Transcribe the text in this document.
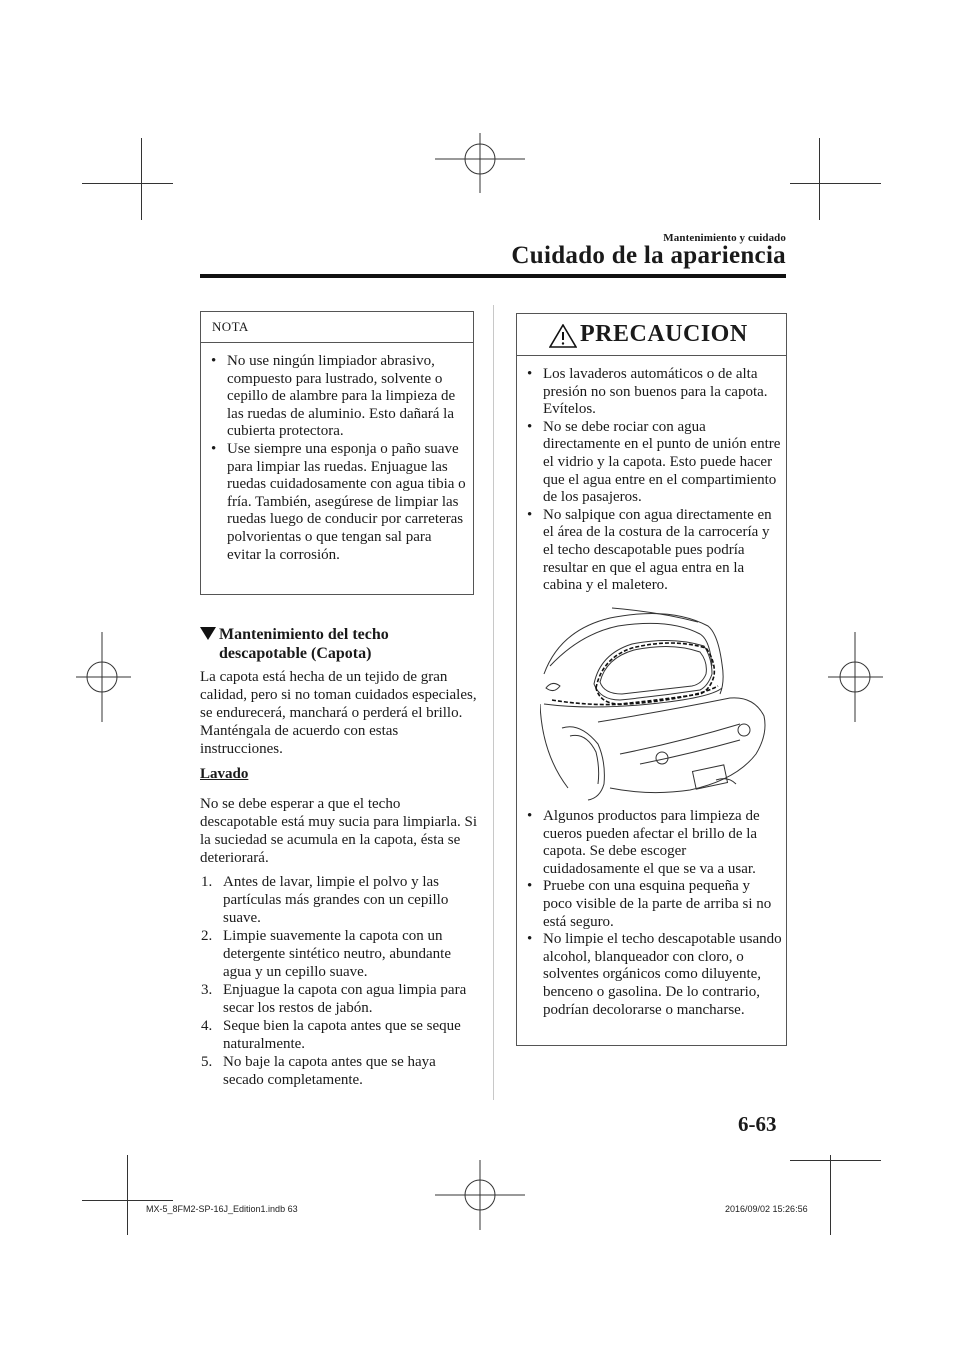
Mantenimiento y cuidado
Cuidado de la apariencia
NOTA
• No use ningún limpiador abrasivo, compuesto para lustrado, solvente o cepillo de alambre para la limpieza de las ruedas de aluminio. Esto dañará la cubierta protectora.
• Use siempre una esponja o paño suave para limpiar las ruedas. Enjuague las ruedas cuidadosamente con agua tibia o fría. También, asegúrese de limpiar las ruedas luego de conducir por carreteras polvorientas o que tengan sal para evitar la corrosión.
Mantenimiento del techo descapotable (Capota)
La capota está hecha de un tejido de gran calidad, pero si no toman cuidados especiales, se endurecerá, manchará o perderá el brillo. Manténgala de acuerdo con estas instrucciones.
Lavado
No se debe esperar a que el techo descapotable está muy sucia para limpiarla. Si la suciedad se acumula en la capota, ésta se deteriorará.
1. Antes de lavar, limpie el polvo y las partículas más grandes con un cepillo suave.
2. Limpie suavemente la capota con un detergente sintético neutro, abundante agua y un cepillo suave.
3. Enjuague la capota con agua limpia para secar los restos de jabón.
4. Seque bien la capota antes que se seque naturalmente.
5. No baje la capota antes que se haya secado completamente.
PRECAUCION
• Los lavaderos automáticos o de alta presión no son buenos para la capota. Evítelos.
• No se debe rociar con agua directamente en el punto de unión entre el vidrio y la capota. Esto puede hacer que el agua entre en el compartimiento de los pasajeros.
• No salpique con agua directamente en el área de la costura de la carrocería y el techo descapotable pues podría resultar en que el agua entra en la cabina y el maletero.
• Algunos productos para limpieza de cueros pueden afectar el brillo de la capota. Se debe escoger cuidadosamente el que se va a usar.
• Pruebe con una esquina pequeña y poco visible de la parte de arriba si no está seguro.
• No limpie el techo descapotable usando alcohol, blanqueador con cloro, o solventes orgánicos como diluyente, benceno o gasolina. De lo contrario, podrían decolorarse o mancharse.
6-63
MX-5_8FM2-SP-16J_Edition1.indb 63	2016/09/02 15:26:56
